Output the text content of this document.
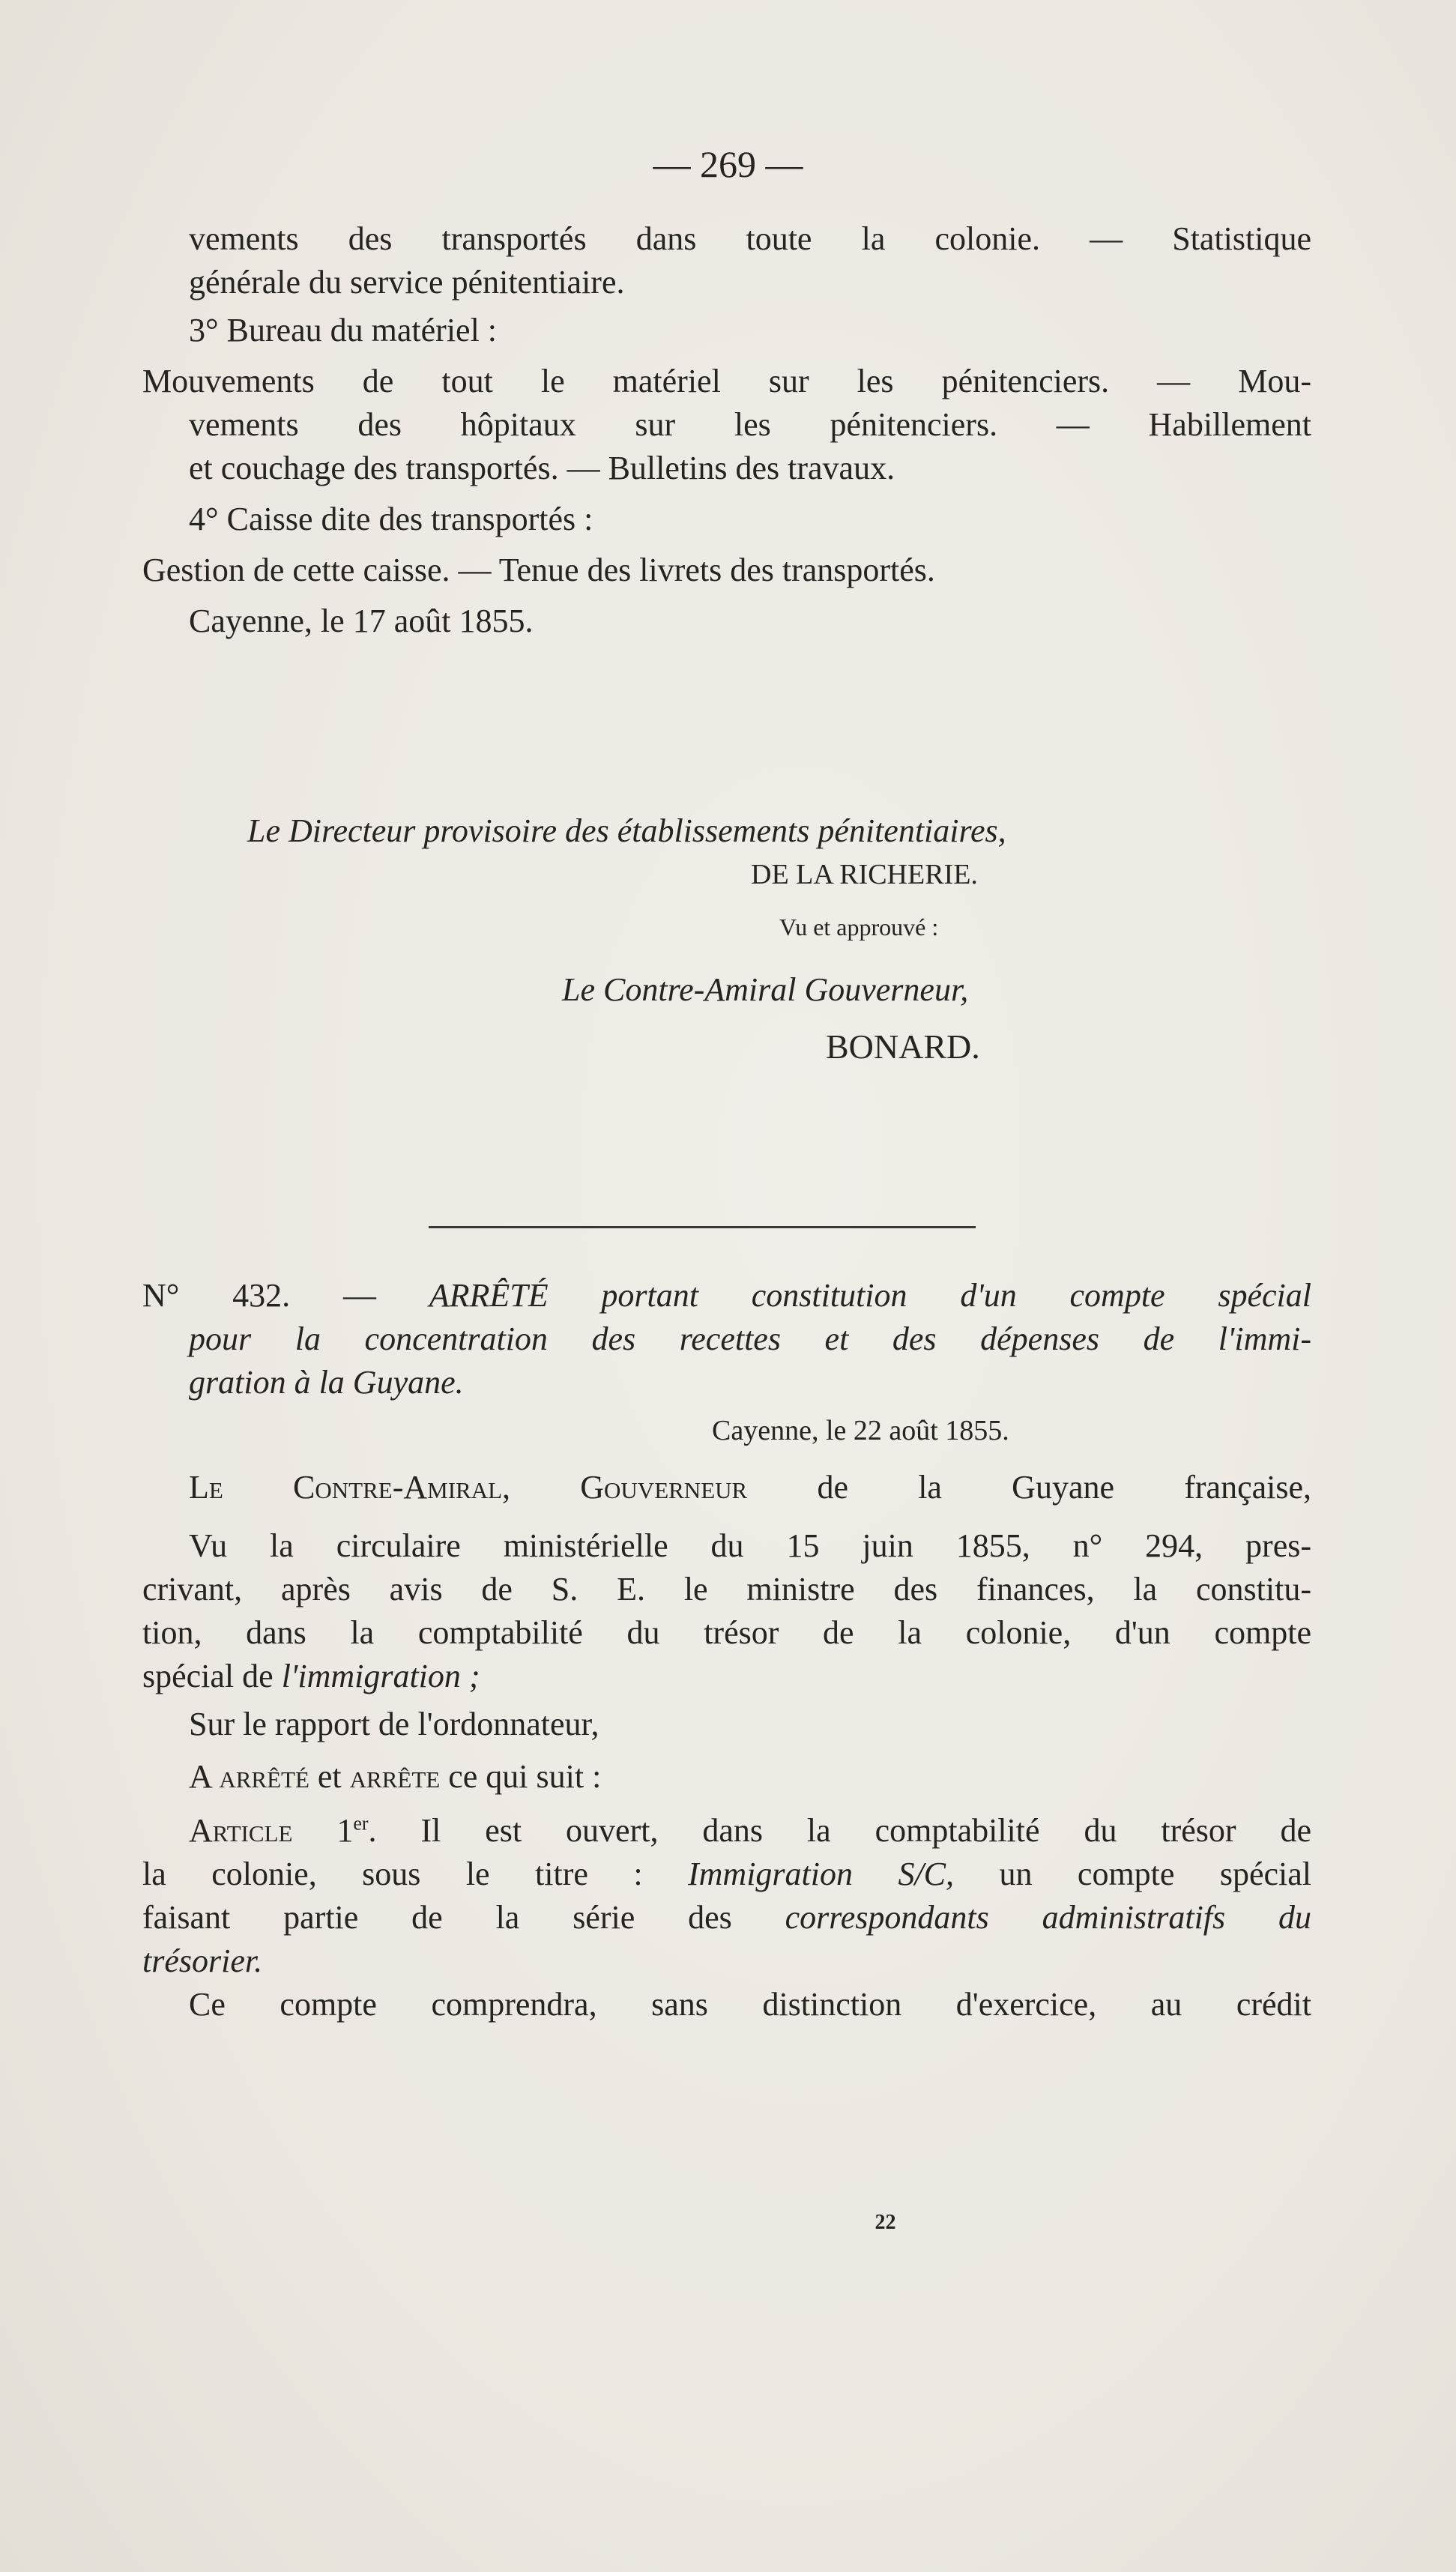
— 269 —
vements des transportés dans toute la colonie. — Statistique
générale du service pénitentiaire.
3° Bureau du matériel :
Mouvements de tout le matériel sur les pénitenciers. — Mou-
vements des hôpitaux sur les pénitenciers. — Habillement
et couchage des transportés. — Bulletins des travaux.
4° Caisse dite des transportés :
Gestion de cette caisse. — Tenue des livrets des transportés.
Cayenne, le 17 août 1855.
Le Directeur provisoire des établissements pénitentiaires,
DE LA RICHERIE.
Vu et approuvé :
Le Contre-Amiral Gouverneur,
BONARD.
N° 432. — ARRÊTÉ portant constitution d'un compte spécial
pour la concentration des recettes et des dépenses de l'immi-
gration à la Guyane.
Cayenne, le 22 août 1855.
Le Contre-Amiral, Gouverneur de la Guyane française,
Vu la circulaire ministérielle du 15 juin 1855, n° 294, pres-
crivant, après avis de S. E. le ministre des finances, la constitu-
tion, dans la comptabilité du trésor de la colonie, d'un compte
spécial de l'immigration ;
Sur le rapport de l'ordonnateur,
A arrêté et arrête ce qui suit :
Article 1er. Il est ouvert, dans la comptabilité du trésor de
la colonie, sous le titre : Immigration S/C, un compte spécial
faisant partie de la série des correspondants administratifs du
trésorier.
Ce compte comprendra, sans distinction d'exercice, au crédit
22
